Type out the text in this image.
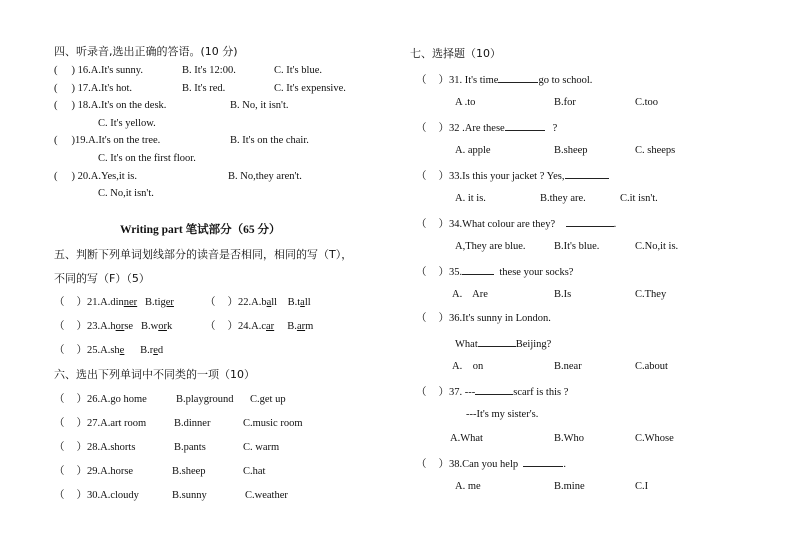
四、听录音,选出正确的答语。(10 分)
( ) 16.A.It's sunny.	B. It's 12:00.	C. It's blue.
( ) 17.A.It's hot.	B. It's red.	C. It's expensive.
( ) 18.A.It's on the desk.	B. No, it isn't.
C. It's yellow.
( )19.A.It's on the tree.	B. It's on the chair.
C. It's on the first floor.
( ) 20.A.Yes,it is.	B. No,they aren't.
C. No,it isn't.
Writing part 笔试部分（65 分）
五、判断下列单词划线部分的读音是否相同，相同的写（T），
不同的写（F）（5）
（ ）21.A.dinner B.tiger	（ ）22.A.ball B.tall
（ ）23.A.horse B.work	（ ）24.A.car B.arm
（ ）25.A.she B.red
六、选出下列单词中不同类的一项（10）
（ ）26.A.go home	B.playground C.get up
（ ）27.A.art room	B.dinner	C.music room
（ ）28.A.shorts	B.pants	C. warm
（ ）29.A.horse	B.sheep	C.hat
（ ）30.A.cloudy	B.sunny	C.weather
七、选择题（10）
（ ）31. It's time	go to school.
A .to	B.for	C.too
（ ）32 .Are these	?
A. apple	B.sheep	C. sheeps
（ ）33.Is this your jacket ? Yes,
A. it is.	B.they are.	C.it isn't.
（ ）34.What colour are they?	.
A,They are blue.	B.It's blue.	C.No,it is.
（ ）35.	these your socks?
A.    Are	B.Is	C.They
（ ）36.It's sunny in London.
What	Beijing?
A.    on	B.near	C.about
（ ）37. ---	scarf is this ?
---It's my sister's.
A.What	B.Who	C.Whose
（ ）38.Can you help	.
A. me	B.mine	C.I
